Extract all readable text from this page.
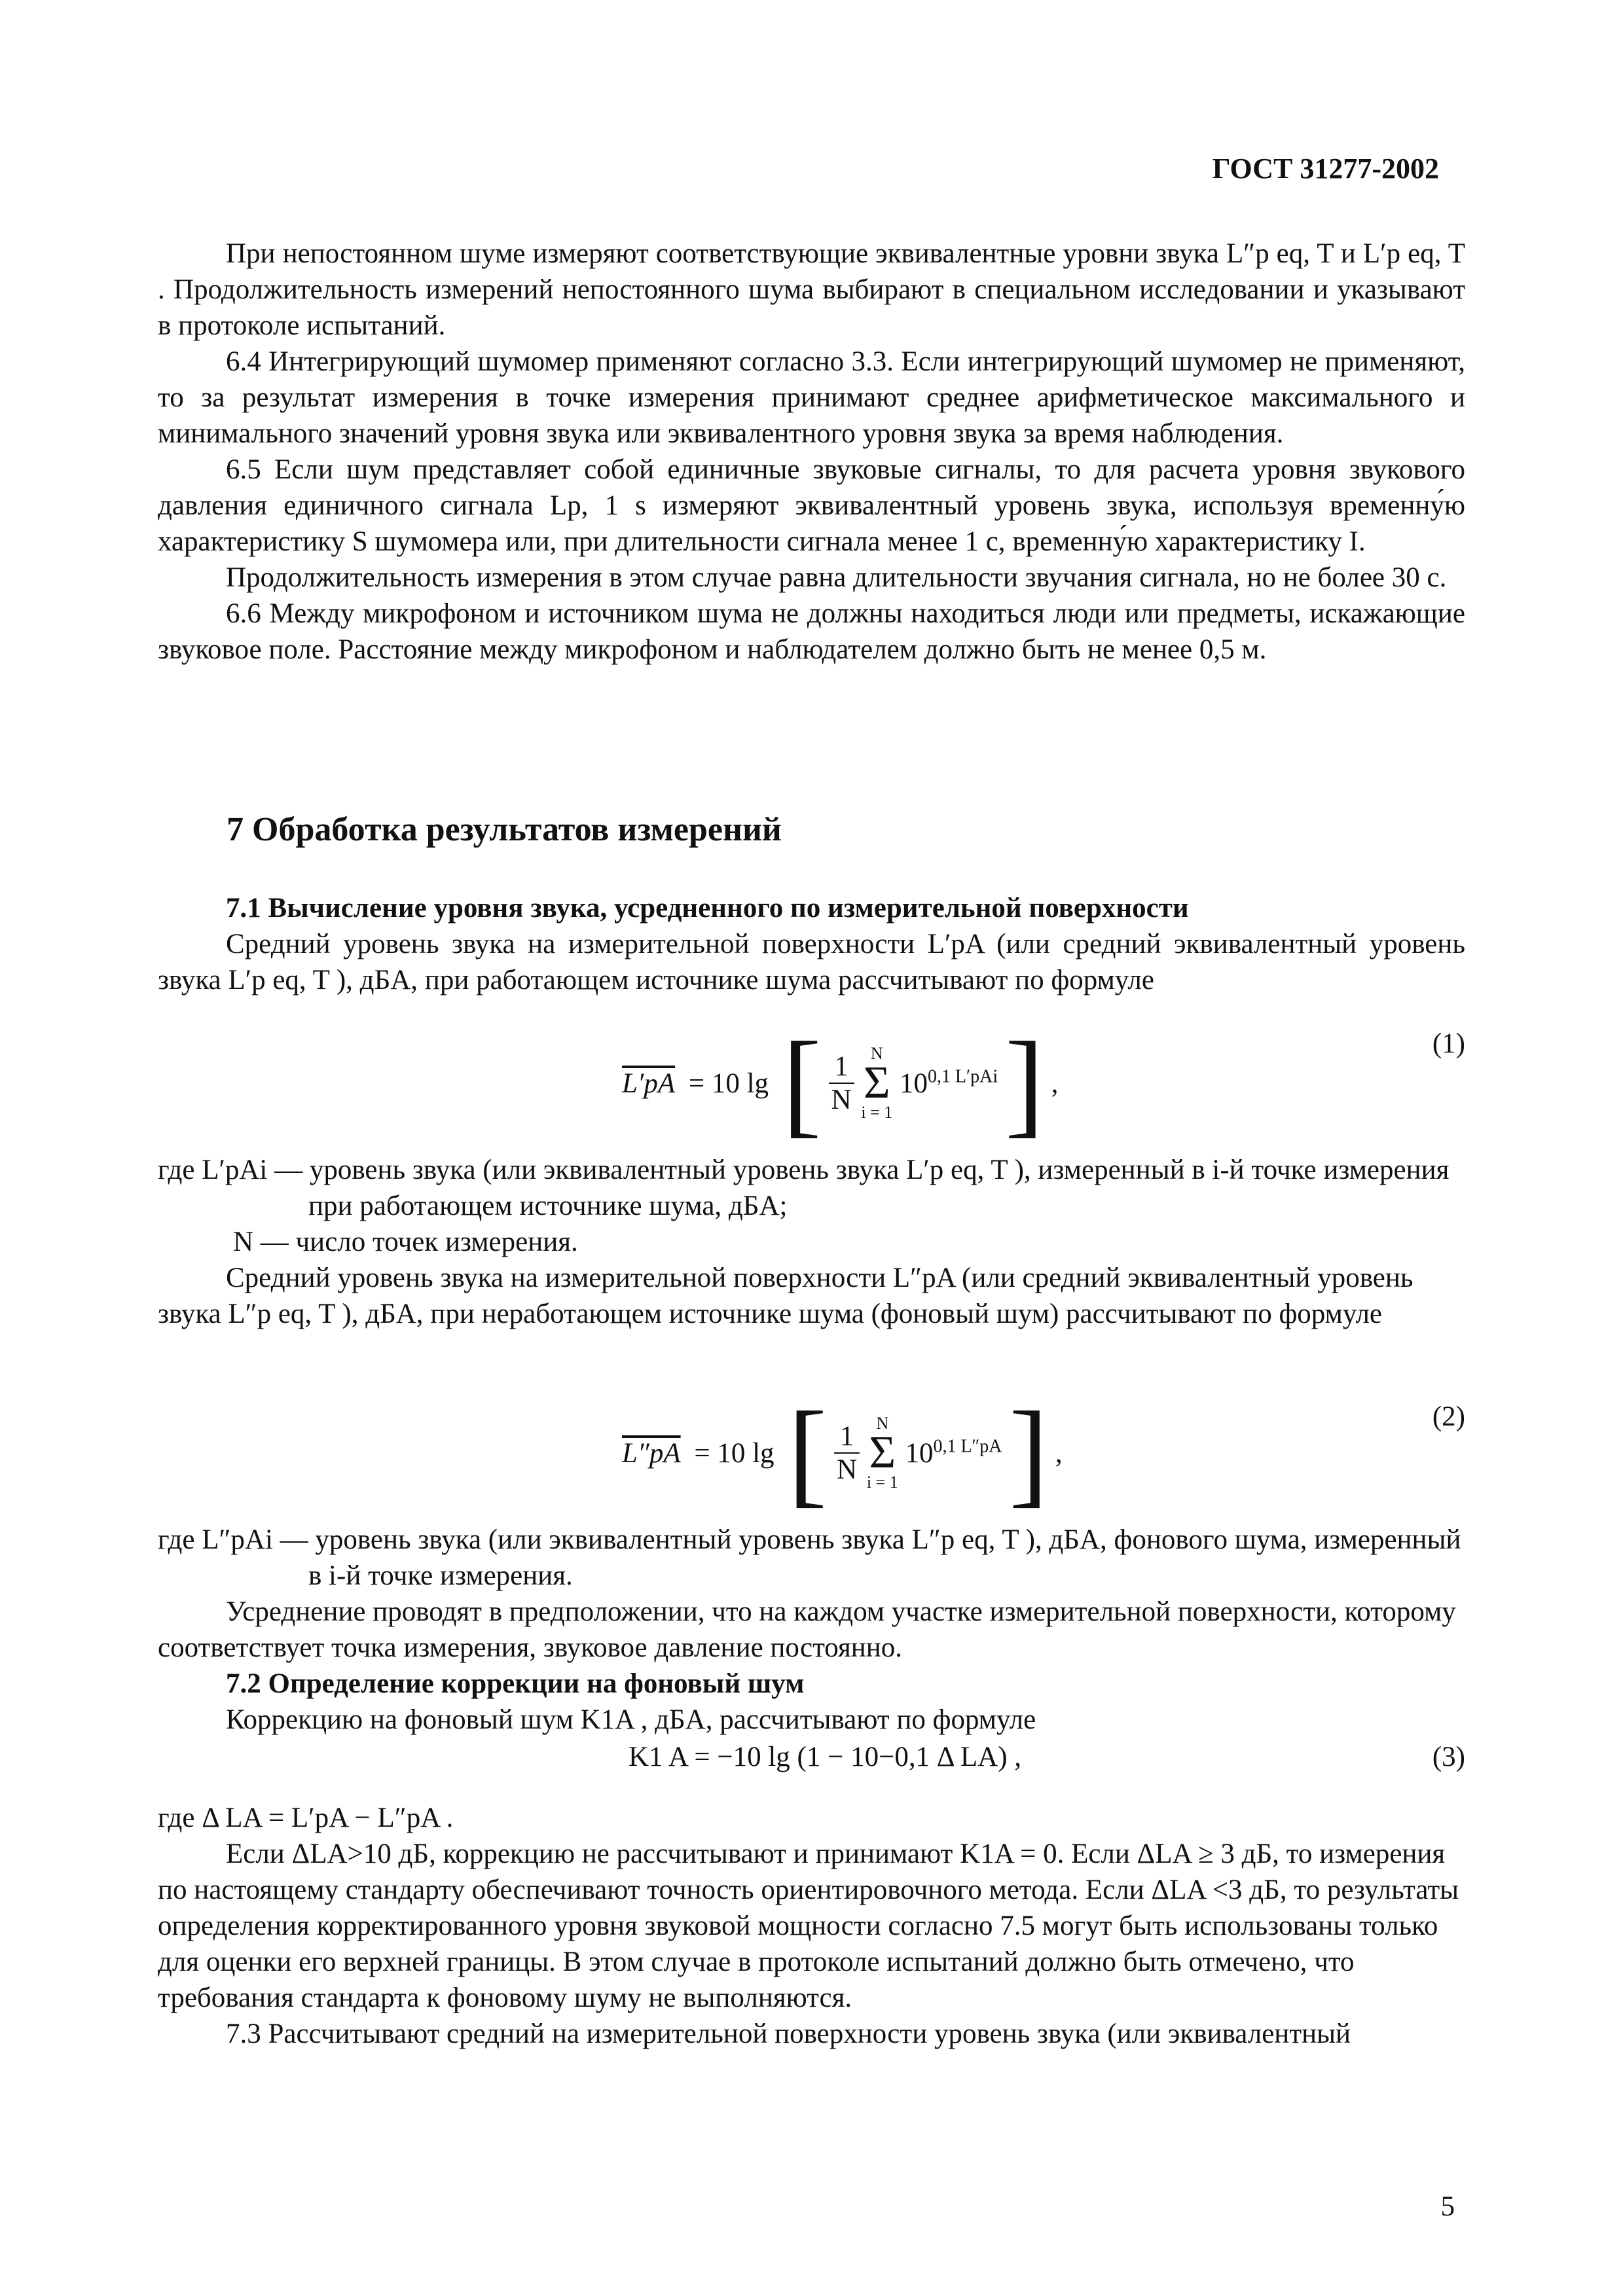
ГОСТ 31277-2002

При непостоянном шуме измеряют соответствующие эквивалентные уровни звука L″p eq, T и L′p eq, T . Продолжительность измерений непостоянного шума выбирают в специальном исследовании и указывают в протоколе испытаний.

6.4 Интегрирующий шумомер применяют согласно 3.3. Если интегрирующий шумомер не применяют, то за результат измерения в точке измерения принимают среднее арифметическое максимального и минимального значений уровня звука или эквивалентного уровня звука за время наблюдения.

6.5 Если шум представляет собой единичные звуковые сигналы, то для расчета уровня звукового давления единичного сигнала Lp, 1 s измеряют эквивалентный уровень звука, используя временну́ю характеристику S шумомера или, при длительности сигнала менее 1 с, временну́ю характеристику I.

Продолжительность измерения в этом случае равна длительности звучания сигнала, но не более 30 с.

6.6 Между микрофоном и источником шума не должны находиться люди или предметы, искажающие звуковое поле. Расстояние между микрофоном и наблюдателем должно быть не менее 0,5 м.

7 Обработка результатов измерений

7.1 Вычисление уровня звука, усредненного по измерительной поверхности

Средний уровень звука на измерительной поверхности L′pA (или средний эквивалентный уровень звука L′p eq, T ), дБA, при работающем источнике шума рассчитывают по формуле

L′pA = 10 lg [ $\frac{1}{N}$
N
Σ
i = 1
$10^{0,1 L'pAi}$ ] ,
(1)

где L′pAi — уровень звука (или эквивалентный уровень звука L′p eq, T ), измеренный в i-й точке измерения при работающем источнике шума, дБA;

N — число точек измерения.

Средний уровень звука на измерительной поверхности L″pA (или средний эквивалентный уровень звука L″p eq, T ), дБA, при неработающем источнике шума (фоновый шум) рассчитывают по формуле

L″pA = 10 lg [ $\frac{1}{N}$
N
Σ
i = 1
$10^{0,1 L''pA}$ ] ,
(2)

где L″pAi — уровень звука (или эквивалентный уровень звука L″p eq, T ), дБA, фонового шума, измеренный в i-й точке измерения.

Усреднение проводят в предположении, что на каждом участке измерительной поверхности, которому соответствует точка измерения, звуковое давление постоянно.

7.2 Определение коррекции на фоновый шум

Коррекцию на фоновый шум K1A , дБA, рассчитывают по формуле

K1 A = −10 lg (1 − 10−0,1 Δ LA) ,	(3)

где Δ LA = L′pA − L″pA .

Если ΔLA>10 дБ, коррекцию не рассчитывают и принимают K1A = 0. Если ΔLA ≥ 3 дБ, то измерения по настоящему стандарту обеспечивают точность ориентировочного метода. Если ΔLA <3 дБ, то результаты определения корректированного уровня звуковой мощности согласно 7.5 могут быть использованы только для оценки его верхней границы. В этом случае в протоколе испытаний должно быть отмечено, что требования стандарта к фоновому шуму не выполняются.

7.3 Рассчитывают средний на измерительной поверхности уровень звука (или эквивалентный

5
